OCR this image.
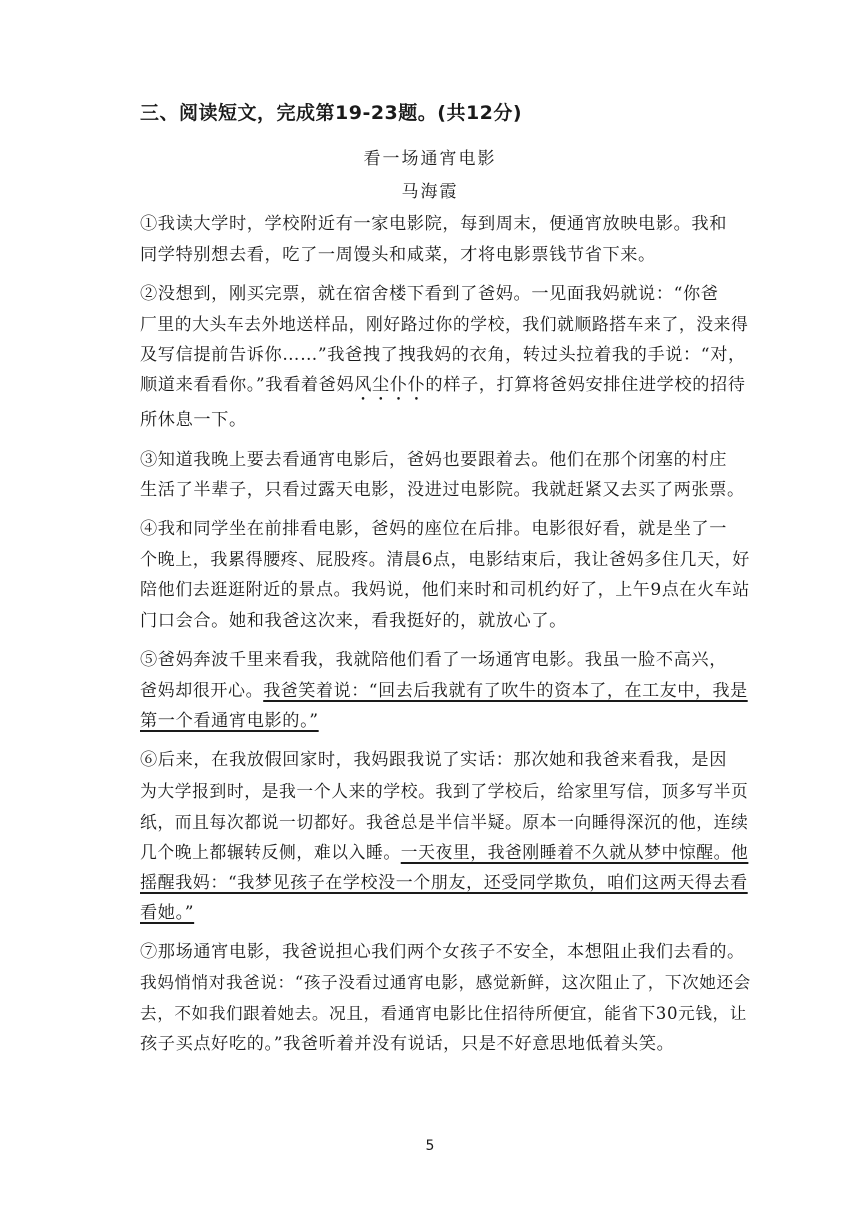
三、阅读短文，完成第19-23题。(共12分)
看一场通宵电影
马海霞

①我读大学时，学校附近有一家电影院，每到周末，便通宵放映电影。我和
同学特别想去看，吃了一周馒头和咸菜，才将电影票钱节省下来。

②没想到，刚买完票，就在宿舍楼下看到了爸妈。一见面我妈就说：“你爸
厂里的大头车去外地送样品，刚好路过你的学校，我们就顺路搭车来了，没来得
及写信提前告诉你……”我爸拽了拽我妈的衣角，转过头拉着我的手说：“对，
顺道来看看你。”我看着爸妈风尘仆仆的样子，打算将爸妈安排住进学校的招待
所休息一下。

③知道我晚上要去看通宵电影后，爸妈也要跟着去。他们在那个闭塞的村庄
生活了半辈子，只看过露天电影，没进过电影院。我就赶紧又去买了两张票。

④我和同学坐在前排看电影，爸妈的座位在后排。电影很好看，就是坐了一
个晚上，我累得腰疼、屁股疼。清晨6点，电影结束后，我让爸妈多住几天，好
陪他们去逛逛附近的景点。我妈说，他们来时和司机约好了，上午9点在火车站
门口会合。她和我爸这次来，看我挺好的，就放心了。

⑤爸妈奔波千里来看我，我就陪他们看了一场通宵电影。我虽一脸不高兴，
爸妈却很开心。我爸笑着说：“回去后我就有了吹牛的资本了，在工友中，我是
第一个看通宵电影的。”

⑥后来，在我放假回家时，我妈跟我说了实话：那次她和我爸来看我，是因
为大学报到时，是我一个人来的学校。我到了学校后，给家里写信，顶多写半页
纸，而且每次都说一切都好。我爸总是半信半疑。原本一向睡得深沉的他，连续
几个晚上都辗转反侧，难以入睡。一天夜里，我爸刚睡着不久就从梦中惊醒。他
摇醒我妈：“我梦见孩子在学校没一个朋友，还受同学欺负，咱们这两天得去看
看她。”

⑦那场通宵电影，我爸说担心我们两个女孩子不安全，本想阻止我们去看的。
我妈悄悄对我爸说：“孩子没看过通宵电影，感觉新鲜，这次阻止了，下次她还会
去，不如我们跟着她去。况且，看通宵电影比住招待所便宜，能省下30元钱，让
孩子买点好吃的。”我爸听着并没有说话，只是不好意思地低着头笑。

5
